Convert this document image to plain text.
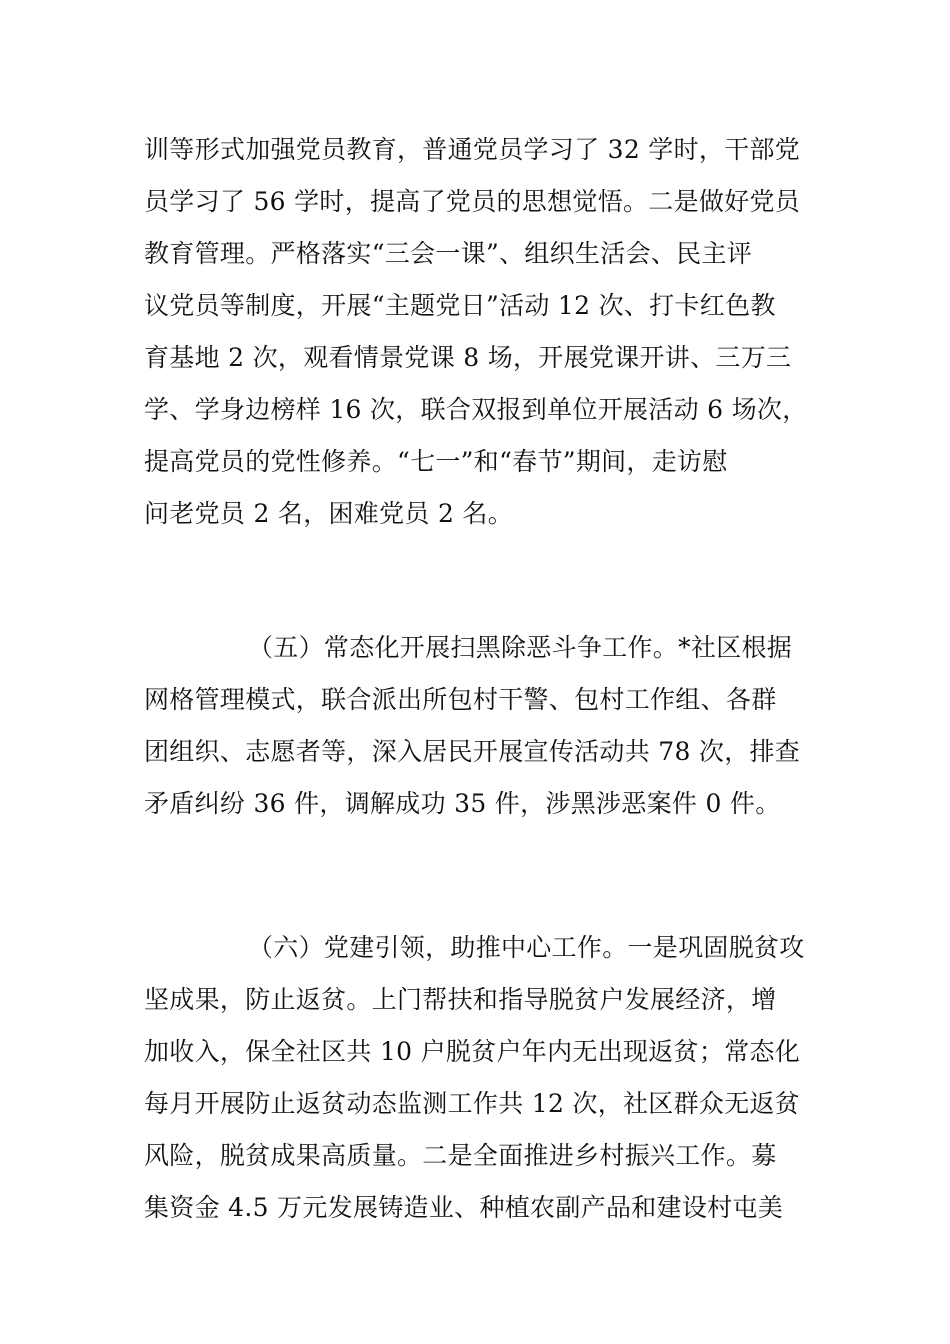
训等形式加强党员教育，普通党员学习了 32 学时，干部党
员学习了 56 学时，提高了党员的思想觉悟。二是做好党员
教育管理。严格落实“三会一课”、组织生活会、民主评
议党员等制度，开展“主题党日”活动 12 次、打卡红色教
育基地 2 次，观看情景党课 8 场，开展党课开讲、三万三
学、学身边榜样 16 次，联合双报到单位开展活动 6 场次，
提高党员的党性修养。“七一”和“春节”期间，走访慰
问老党员 2 名，困难党员 2 名。
（五）常态化开展扫黑除恶斗争工作。*社区根据
网格管理模式，联合派出所包村干警、包村工作组、各群
团组织、志愿者等，深入居民开展宣传活动共 78 次，排查
矛盾纠纷 36 件，调解成功 35 件，涉黑涉恶案件 0 件。
（六）党建引领，助推中心工作。一是巩固脱贫攻
坚成果，防止返贫。上门帮扶和指导脱贫户发展经济，增
加收入，保全社区共 10 户脱贫户年内无出现返贫；常态化
每月开展防止返贫动态监测工作共 12 次，社区群众无返贫
风险，脱贫成果高质量。二是全面推进乡村振兴工作。募
集资金 4.5 万元发展铸造业、种植农副产品和建设村屯美
